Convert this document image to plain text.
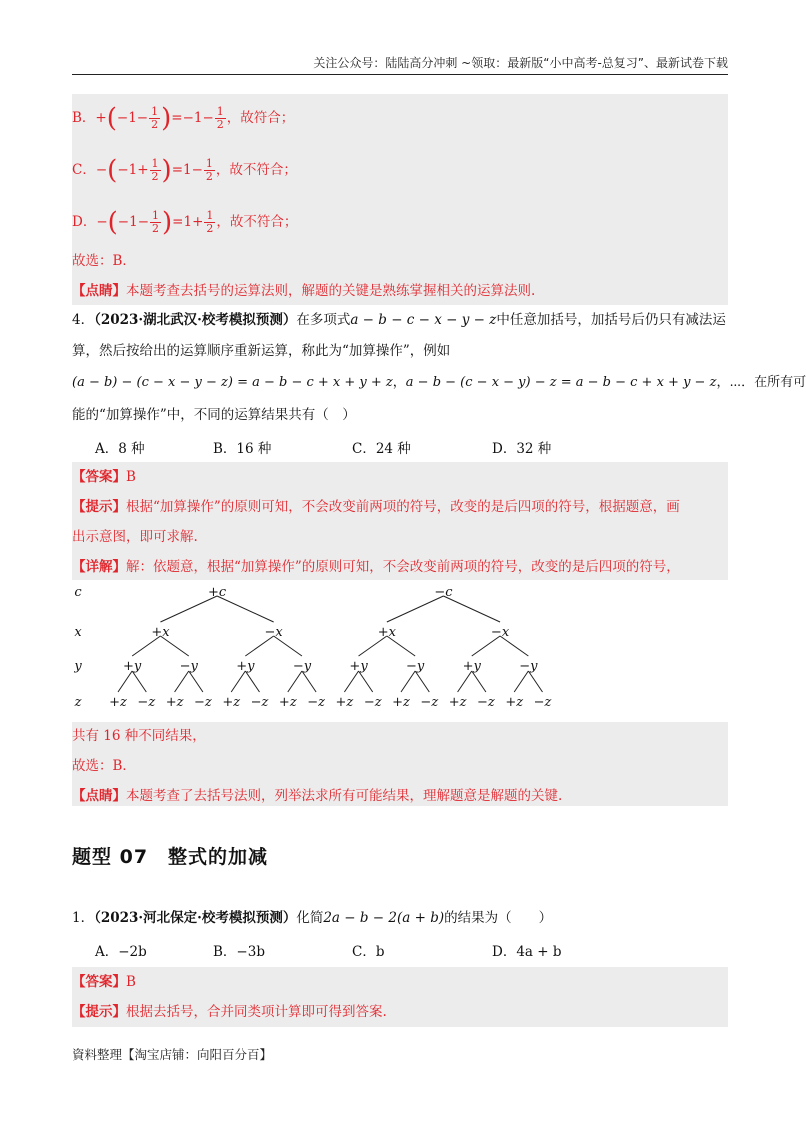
关注公众号：陆陆高分冲刺 ~领取：最新版“小中高考-总复习”、最新试卷下载
B．$+(-1- \frac{1}{2} )=-1- \frac{1}{2}$ ，故符合；
C．$-(-1+ \frac{1}{2} )=1- \frac{1}{2}$ ，故不符合；
D．$-(-1- \frac{1}{2} )=1+ \frac{1}{2}$ ，故不符合；
故选：B．
【点睛】本题考查去括号的运算法则，解题的关键是熟练掌握相关的运算法则.
4．（2023·湖北武汉·校考模拟预测）在多项式a − b − c − x − y − z中任意加括号，加括号后仍只有减法运
算，然后按给出的运算顺序重新运算，称此为“加算操作”，例如
(a − b) − (c − x − y − z) = a − b − c + x + y + z，a − b − (c − x − y) − z = a − b − c + x + y − z，⋯．在所有可
能的“加算操作”中，不同的运算结果共有（　）
A．8 种	B．16 种	C．24 种	D．32 种
【答案】B
【提示】根据“加算操作”的原则可知，不会改变前两项的符号，改变的是后四项的符号，根据题意，画
出示意图，即可求解.
【详解】解：依题意，根据“加算操作”的原则可知，不会改变前两项的符号，改变的是后四项的符号，
c
x
y
z
+c	−c
+x	−x	+x	−x
+y	−y	+y	−y	+y	−y	+y	−y
+z −z +z −z +z −z +z −z +z −z +z −z +z −z +z −z
共有 16 种不同结果，
故选：B．
【点睛】本题考查了去括号法则，列举法求所有可能结果，理解题意是解题的关键.
题型 07　整式的加减
1．（2023·河北保定·校考模拟预测）化简2a − b − 2(a + b)的结果为（　　）
A．−2b	B．−3b	C．b	D．4a + b
【答案】B
【提示】根据去括号，合并同类项计算即可得到答案.
資料整理【淘宝店铺：向阳百分百】
